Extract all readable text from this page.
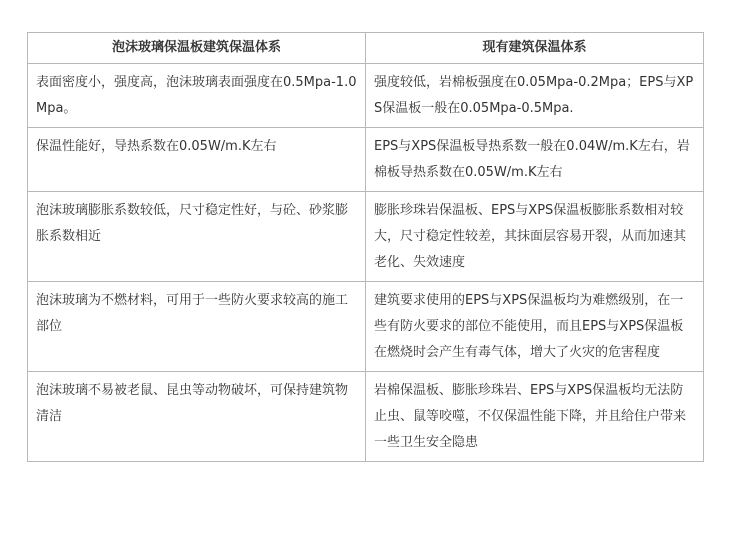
泡沫玻璃保温板建筑保温体系	现有建筑保温体系
表面密度小，强度高，泡沫玻璃表面强度在0.5Mpa-1.0Mpa。	强度较低，岩棉板强度在0.05Mpa-0.2Mpa；EPS与XPS保温板一般在0.05Mpa-0.5Mpa.
保温性能好，导热系数在0.05W/m.K左右	EPS与XPS保温板导热系数一般在0.04W/m.K左右，岩棉板导热系数在0.05W/m.K左右
泡沫玻璃膨胀系数较低，尺寸稳定性好，与砼、砂浆膨胀系数相近	膨胀珍珠岩保温板、EPS与XPS保温板膨胀系数相对较大，尺寸稳定性较差，其抹面层容易开裂，从而加速其老化、失效速度
泡沫玻璃为不燃材料，可用于一些防火要求较高的施工部位	建筑要求使用的EPS与XPS保温板均为难燃级别，在一些有防火要求的部位不能使用，而且EPS与XPS保温板在燃烧时会产生有毒气体，增大了火灾的危害程度
泡沫玻璃不易被老鼠、昆虫等动物破坏，可保持建筑物清洁	岩棉保温板、膨胀珍珠岩、EPS与XPS保温板均无法防止虫、鼠等咬噬，不仅保温性能下降，并且给住户带来一些卫生安全隐患
